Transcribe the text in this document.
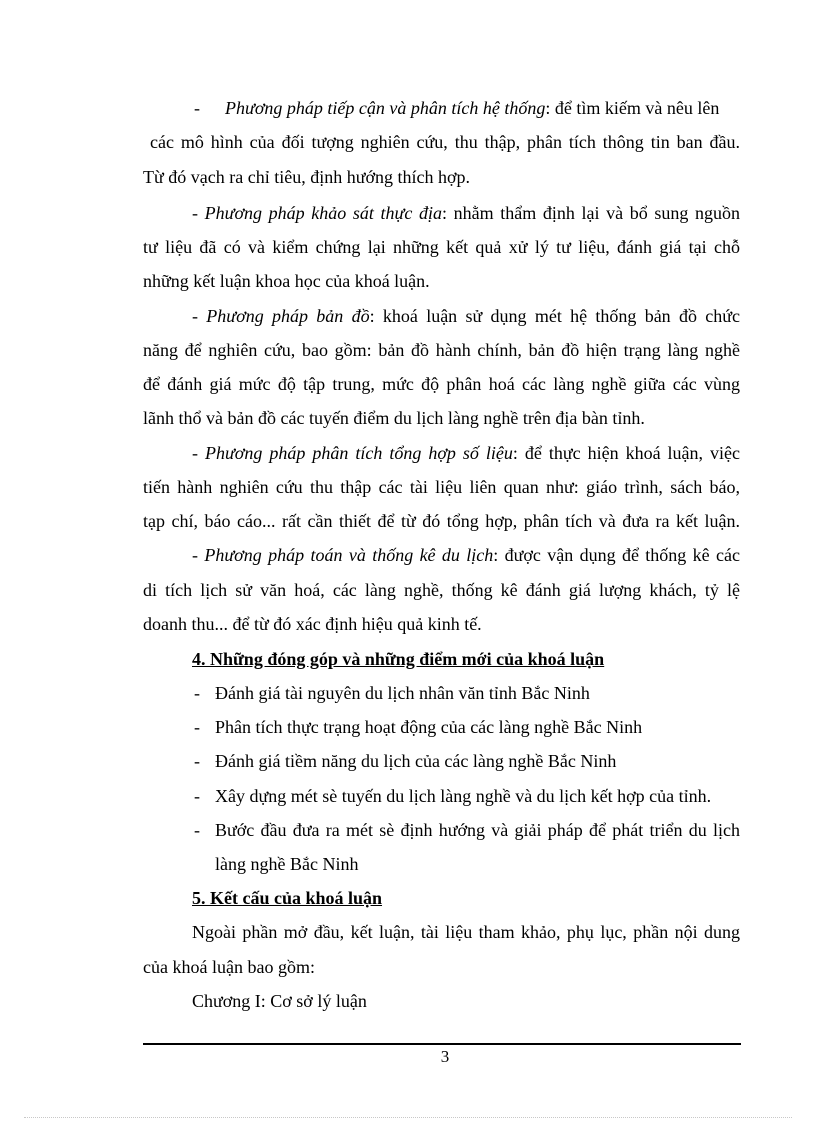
- Phương pháp tiếp cận và phân tích hệ thống: để tìm kiếm và nêu lên
các mô hình của đối tượng nghiên cứu, thu thập, phân tích thông tin ban đầu.
Từ đó vạch ra chỉ tiêu, định hướng thích hợp.
- Phương pháp khảo sát thực địa: nhằm thẩm định lại và bổ sung nguồn
tư liệu đã có và kiểm chứng lại những kết quả xử lý tư liệu, đánh giá tại chỗ
những kết luận khoa học của khoá luận.
- Phương pháp bản đồ: khoá luận sử dụng mét hệ thống bản đồ chức
năng để nghiên cứu, bao gồm: bản đồ hành chính, bản đồ hiện trạng làng nghề
để đánh giá mức độ tập trung, mức độ phân hoá các làng nghề giữa các vùng
lãnh thổ và bản đồ các tuyến điểm du lịch làng nghề trên địa bàn tỉnh.
- Phương pháp phân tích tổng hợp số liệu: để thực hiện khoá luận, việc
tiến hành nghiên cứu thu thập các tài liệu liên quan như: giáo trình, sách báo,
tạp chí, báo cáo... rất cần thiết để từ đó tổng hợp, phân tích và đưa ra kết luận.
- Phương pháp toán và thống kê du lịch: được vận dụng để thống kê các
di tích lịch sử văn hoá, các làng nghề, thống kê đánh giá lượng khách, tỷ lệ
doanh thu... để từ đó xác định hiệu quả kinh tế.
4. Những đóng góp và những điểm mới của khoá luận
- Đánh giá tài nguyên du lịch nhân văn tỉnh Bắc Ninh
- Phân tích thực trạng hoạt động của các làng nghề Bắc Ninh
- Đánh giá tiềm năng du lịch của các làng nghề Bắc Ninh
- Xây dựng mét sè tuyến du lịch làng nghề và du lịch kết hợp của tỉnh.
- Bước đầu đưa ra mét sè định hướng và giải pháp để phát triển du lịch
làng nghề Bắc Ninh
5. Kết cấu của khoá luận
Ngoài phần mở đầu, kết luận, tài liệu tham khảo, phụ lục, phần nội dung
của khoá luận bao gồm:
Chương I: Cơ sở lý luận
3
